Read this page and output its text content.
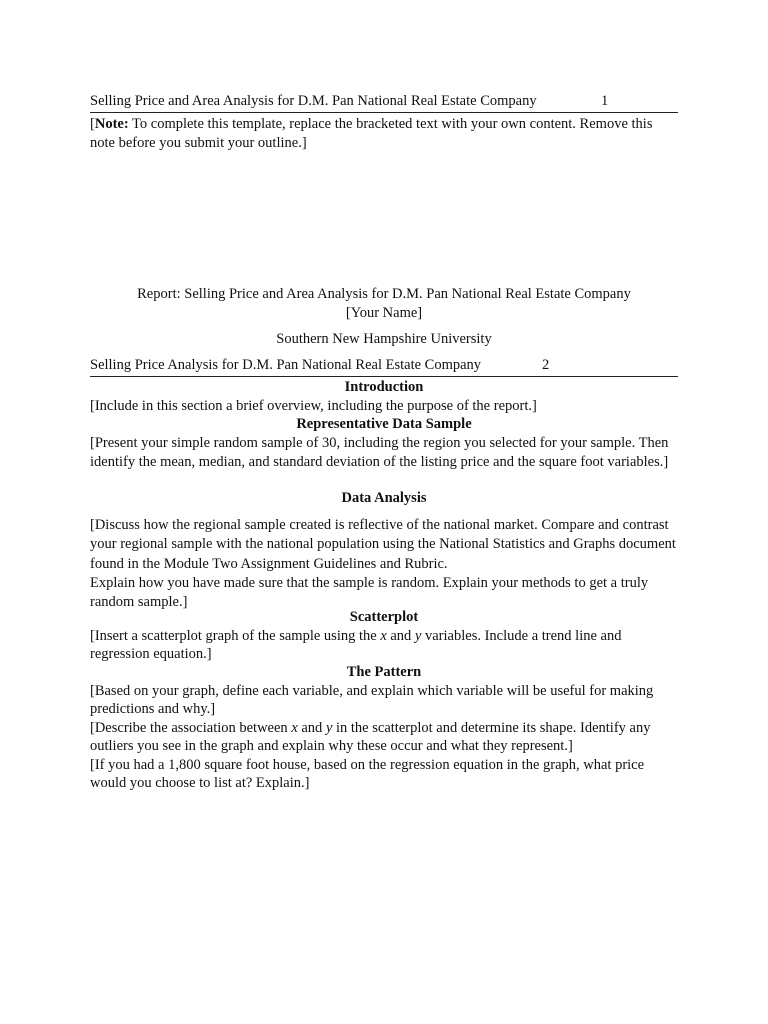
Selling Price and Area Analysis for D.M. Pan National Real Estate Company	1

[Note: To complete this template, replace the bracketed text with your own content. Remove this note before you submit your outline.]

Report: Selling Price and Area Analysis for D.M. Pan National Real Estate Company
[Your Name]
Southern New Hampshire University
Selling Price Analysis for D.M. Pan National Real Estate Company	2

Introduction

[Include in this section a brief overview, including the purpose of the report.]

Representative Data Sample

[Present your simple random sample of 30, including the region you selected for your sample. Then identify the mean, median, and standard deviation of the listing price and the square foot variables.]

Data Analysis

[Discuss how the regional sample created is reflective of the national market. Compare and contrast your regional sample with the national population using the National Statistics and Graphs document found in the Module Two Assignment Guidelines and Rubric.

Explain how you have made sure that the sample is random. Explain your methods to get a truly random sample.]

Scatterplot

[Insert a scatterplot graph of the sample using the x and y variables. Include a trend line and regression equation.]

The Pattern

[Based on your graph, define each variable, and explain which variable will be useful for making predictions and why.]

[Describe the association between x and y in the scatterplot and determine its shape. Identify any outliers you see in the graph and explain why these occur and what they represent.]

[If you had a 1,800 square foot house, based on the regression equation in the graph, what price would you choose to list at? Explain.]
